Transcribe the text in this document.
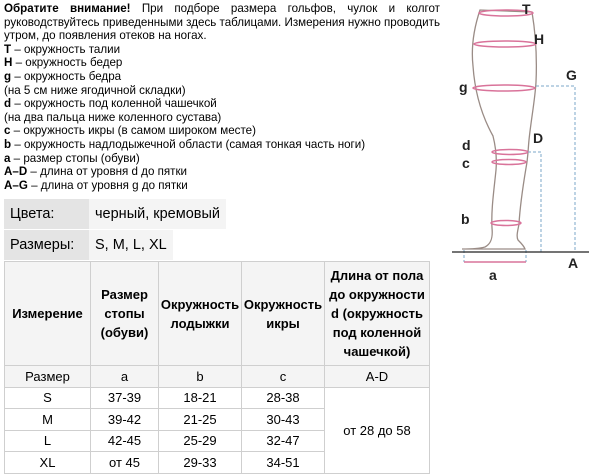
Обратите внимание! При подборе размера гольфов, чулок и колгот руководствуйтесь приведенными здесь таблицами. Измерения нужно проводить утром, до появления отеков на ногах.
T – окружность талии
H – окружность бедер
g – окружность бедра
(на 5 см ниже ягодичной складки)
d – окружность под коленной чашечкой
(на два пальца ниже коленного сустава)
c – окружность икры (в самом широком месте)
b – окружность надлодыжечной области (самая тонкая часть ноги)
a – размер стопы (обуви)
A–D – длина от уровня d до пятки
A–G – длина от уровня g до пятки
Цвета:	черный, кремовый
Размеры:	S, M, L, XL
Измерение	Размер стопы (обуви)	Окружность лодыжки	Окружность икры	Длина от пола до окружности d (окружность под коленной чашечкой)
Размер	a	b	c	A-D
S	37-39	18-21	28-38	от 28 до 58
M	39-42	21-25	30-43	
L	42-45	25-29	32-47	
XL	от 45	29-33	34-51	
T
H
g
G
d	D
c
b
a
A
